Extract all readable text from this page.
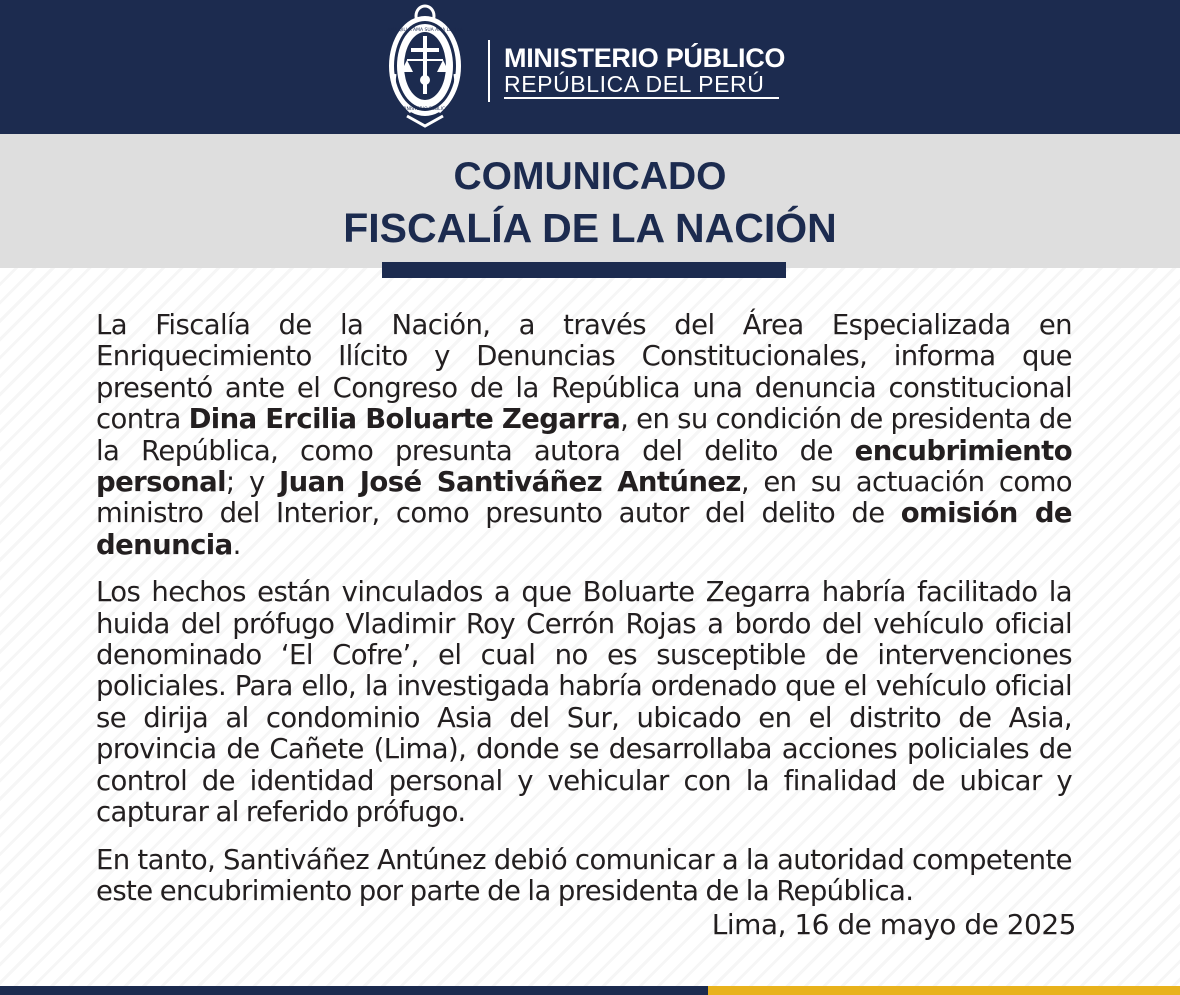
AMA QILLA AMA SUA AMA LLULLA
MINISTERIO PÚBLICO
MINISTERIO PÚBLICO
REPÚBLICA DEL PERÚ
COMUNICADO
FISCALÍA DE LA NACIÓN

La Fiscalía de la Nación, a través del Área Especializada en Enriquecimiento Ilícito y Denuncias Constitucionales, informa que presentó ante el Congreso de la República una denuncia constitucional contra Dina Ercilia Boluarte Zegarra, en su condición de presidenta de la República, como presunta autora del delito de encubrimiento personal; y Juan José Santiváñez Antúnez, en su actuación como ministro del Interior, como presunto autor del delito de omisión de denuncia.

Los hechos están vinculados a que Boluarte Zegarra habría facilitado la huida del prófugo Vladimir Roy Cerrón Rojas a bordo del vehículo oficial denominado ‘El Cofre’, el cual no es susceptible de intervenciones policiales. Para ello, la investigada habría ordenado que el vehículo oficial se dirija al condominio Asia del Sur, ubicado en el distrito de Asia, provincia de Cañete (Lima), donde se desarrollaba acciones policiales de control de identidad personal y vehicular con la finalidad de ubicar y capturar al referido prófugo.

En tanto, Santiváñez Antúnez debió comunicar a la autoridad competente este encubrimiento por parte de la presidenta de la República.

Lima, 16 de mayo de 2025
